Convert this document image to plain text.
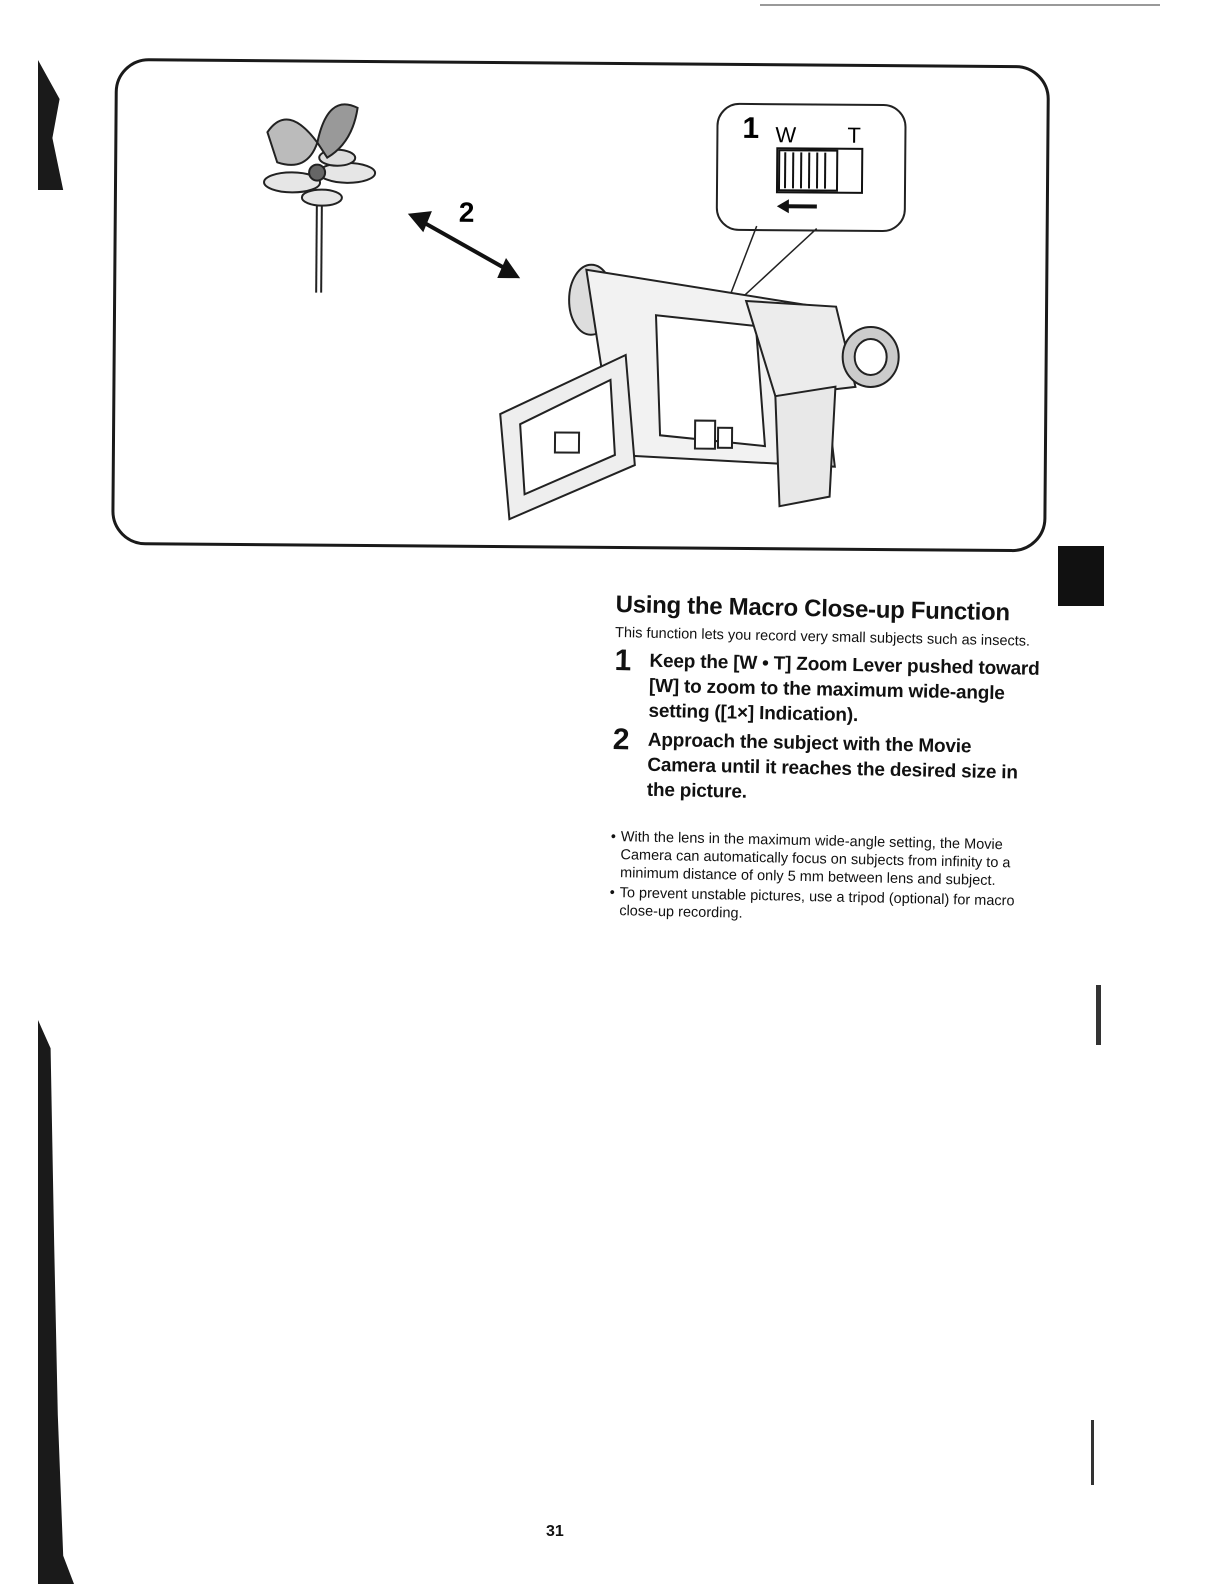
2
1 W T
Using the Macro Close-up Function

This function lets you record very small subjects such as insects.

1 Keep the [W • T] Zoom Lever pushed toward [W] to zoom to the maximum wide-angle setting ([1×] Indication).
2 Approach the subject with the Movie Camera until it reaches the desired size in the picture.

• With the lens in the maximum wide-angle setting, the Movie Camera can automatically focus on subjects from infinity to a minimum distance of only 5 mm between lens and subject.

• To prevent unstable pictures, use a tripod (optional) for macro close-up recording.

31
